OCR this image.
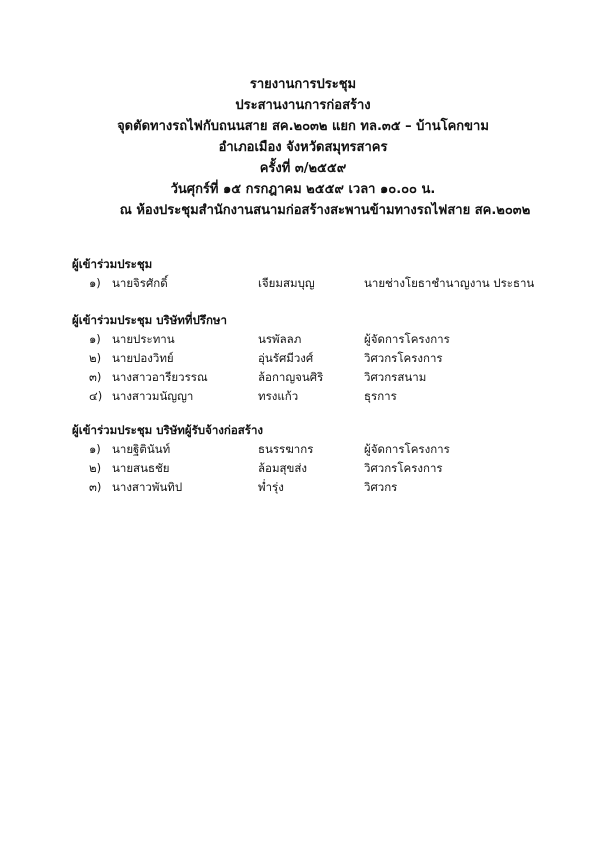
รายงานการประชุม
ประสานงานการก่อสร้าง
จุดตัดทางรถไฟกับถนนสาย สค.๒๐๓๒ แยก ทล.๓๕ – บ้านโคกขาม
อำเภอเมือง จังหวัดสมุทรสาคร
ครั้งที่ ๓/๒๕๕๙
วันศุกร์ที่ ๑๕ กรกฎาคม ๒๕๕๙ เวลา ๑๐.๐๐ น.
ณ ห้องประชุมสำนักงานสนามก่อสร้างสะพานข้ามทางรถไฟสาย สค.๒๐๓๒
ผู้เข้าร่วมประชุม
๑) นายจิรศักดิ์	เจียมสมบุญ	นายช่างโยธาชำนาญงาน ประธาน
ผู้เข้าร่วมประชุม บริษัทที่ปรึกษา
๑) นายประทาน	นรพัลลภ	ผู้จัดการโครงการ
๒) นายปองวิทย์	อุ่นรัศมีวงศ์	วิศวกรโครงการ
๓) นางสาวอารียวรรณ	ล้อกาญจนศิริ	วิศวกรสนาม
๔) นางสาวมนัญญา	ทรงแก้ว	ธุรการ
ผู้เข้าร่วมประชุม บริษัทผู้รับจ้างก่อสร้าง
๑) นายฐิตินันท์	ธนรรฆากร	ผู้จัดการโครงการ
๒) นายสนธชัย	ล้อมสุขส่ง	วิศวกรโครงการ
๓) นางสาวพันทิป	พ่ำรุ่ง	วิศวกร
